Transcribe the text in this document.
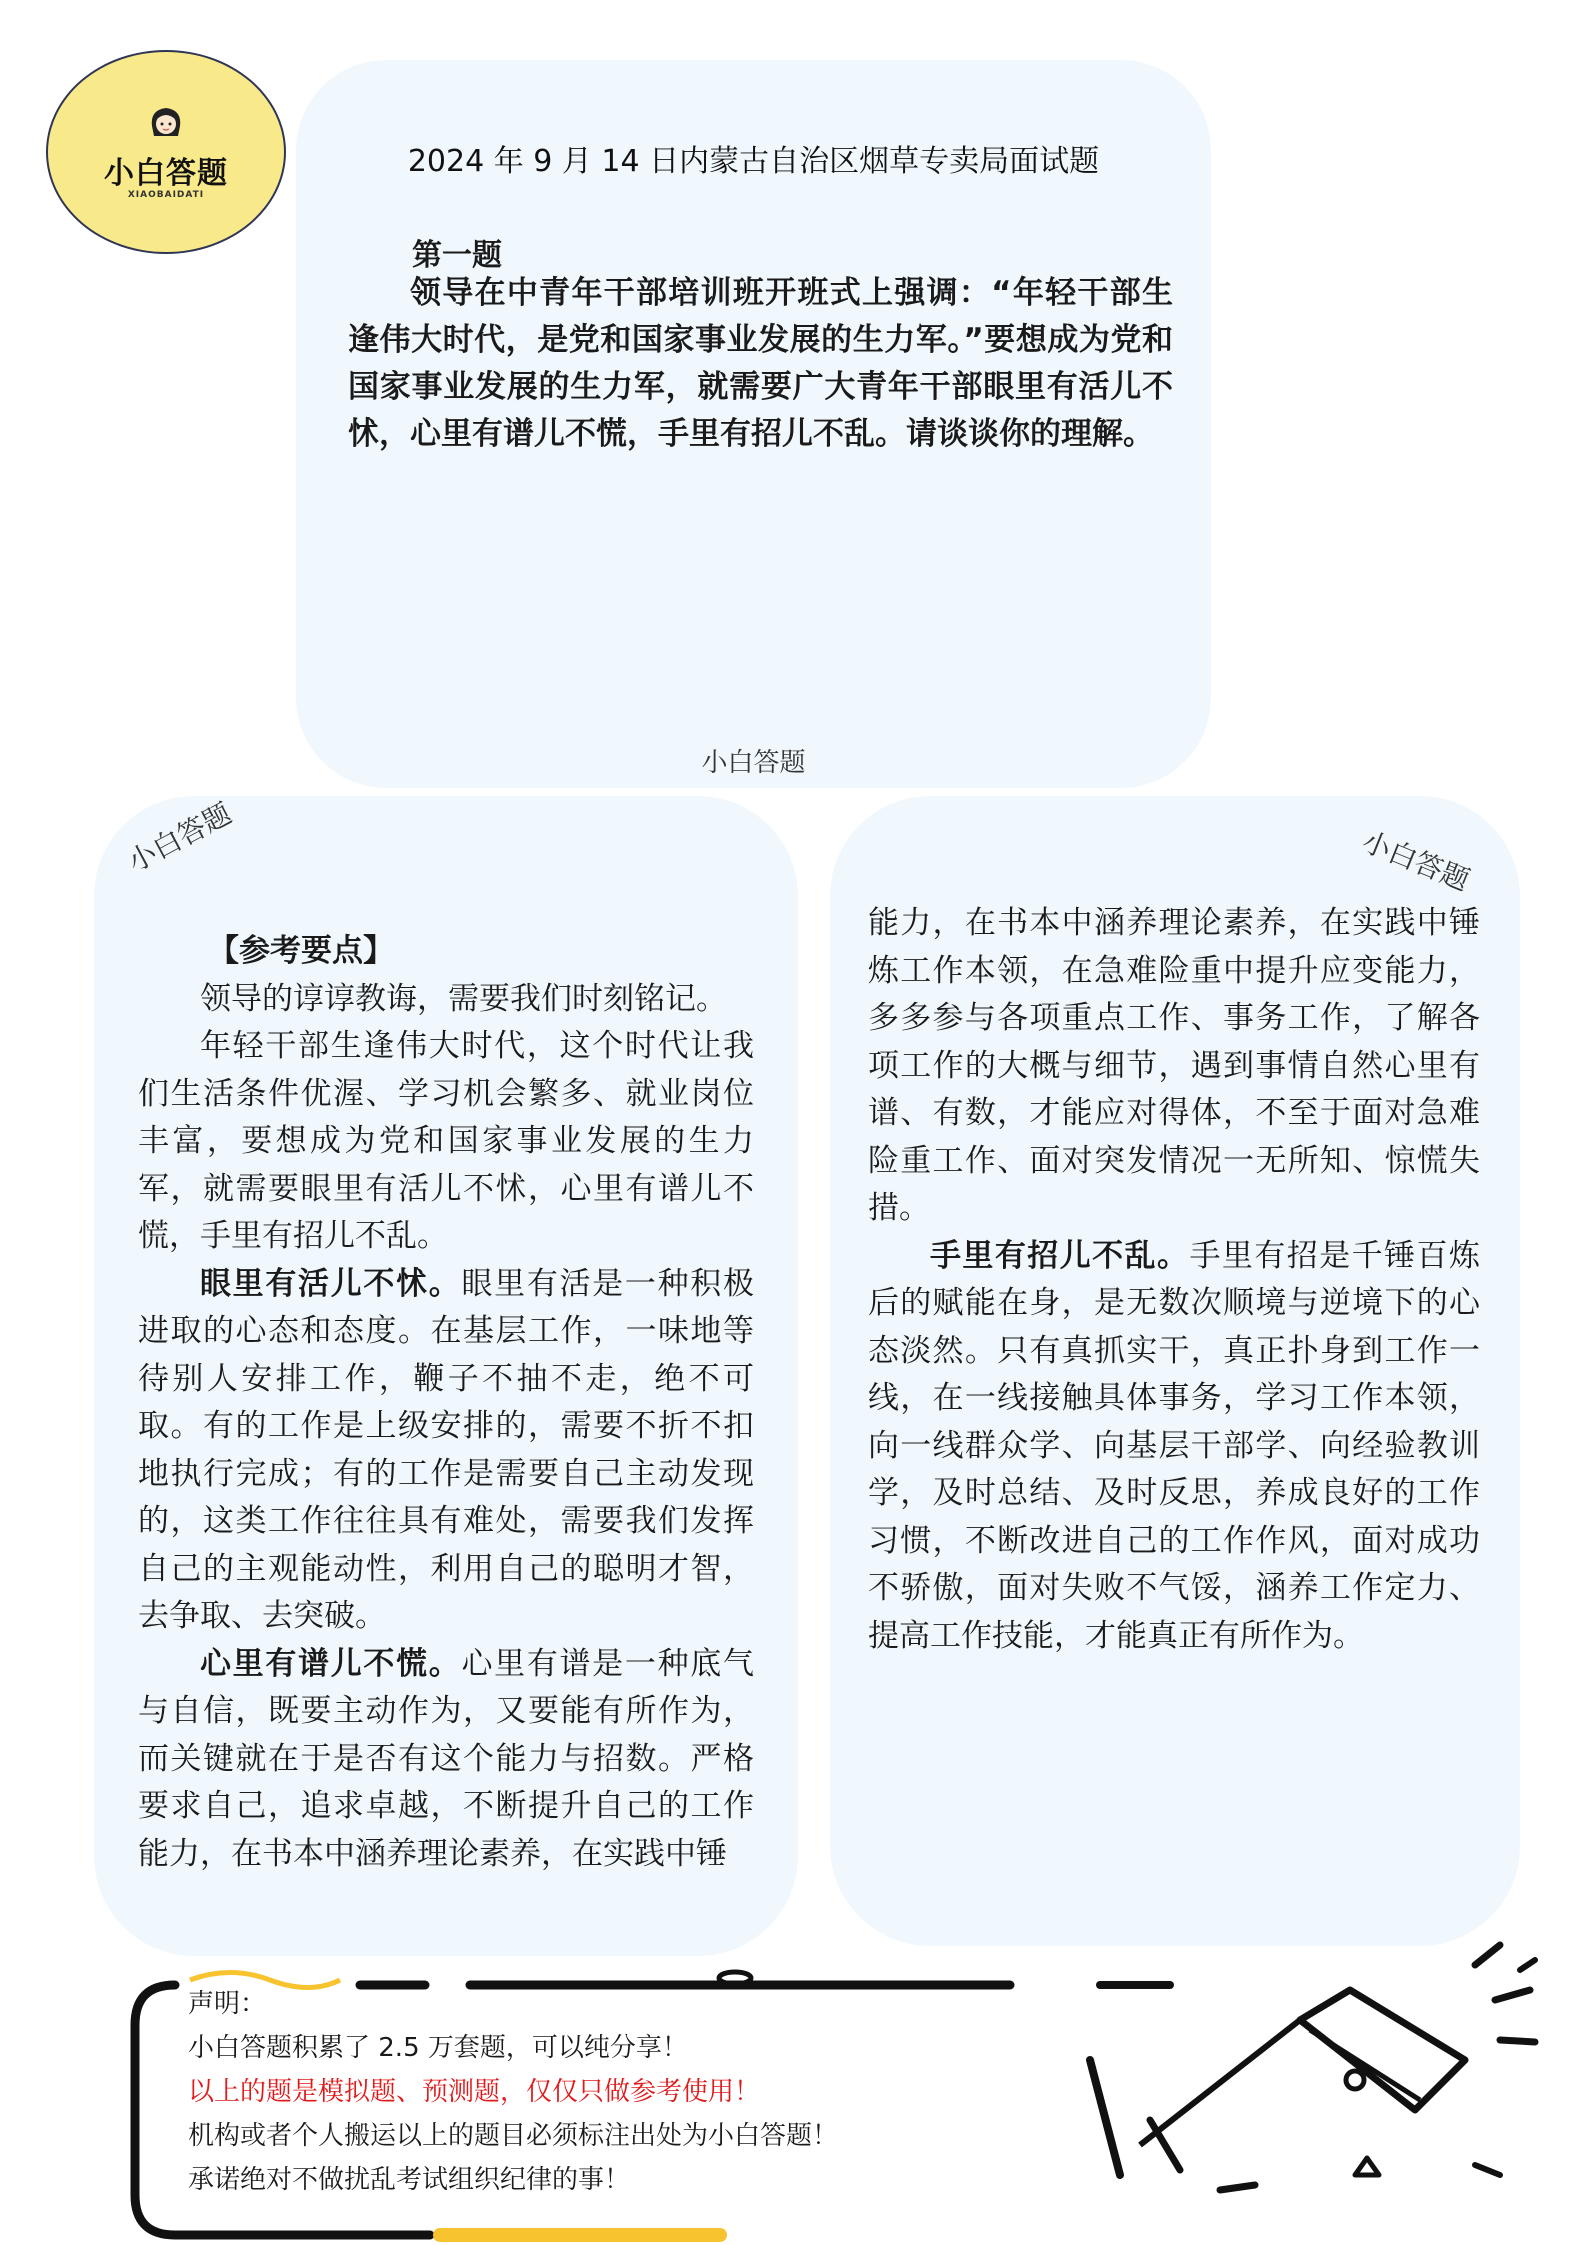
小白答题
XIAOBAIDATI
2024 年 9 月 14 日内蒙古自治区烟草专卖局面试题
第一题
领导在中青年干部培训班开班式上强调：“年轻干部生逢伟大时代，是党和国家事业发展的生力军。”要想成为党和国家事业发展的生力军，就需要广大青年干部眼里有活儿不怵，心里有谱儿不慌，手里有招儿不乱。请谈谈你的理解。
小白答题
小白答题	小白答题

【参考要点】

领导的谆谆教诲，需要我们时刻铭记。

年轻干部生逢伟大时代，这个时代让我们生活条件优渥、学习机会繁多、就业岗位丰富，要想成为党和国家事业发展的生力军，就需要眼里有活儿不怵，心里有谱儿不慌，手里有招儿不乱。

眼里有活儿不怵。眼里有活是一种积极进取的心态和态度。在基层工作，一味地等待别人安排工作，鞭子不抽不走，绝不可取。有的工作是上级安排的，需要不折不扣地执行完成；有的工作是需要自己主动发现的，这类工作往往具有难处，需要我们发挥自己的主观能动性，利用自己的聪明才智，去争取、去突破。

心里有谱儿不慌。心里有谱是一种底气与自信，既要主动作为，又要能有所作为，而关键就在于是否有这个能力与招数。严格要求自己，追求卓越，不断提升自己的工作能力，在书本中涵养理论素养，在实践中锤

能力，在书本中涵养理论素养，在实践中锤炼工作本领，在急难险重中提升应变能力，多多参与各项重点工作、事务工作，了解各项工作的大概与细节，遇到事情自然心里有谱、有数，才能应对得体，不至于面对急难险重工作、面对突发情况一无所知、惊慌失措。

手里有招儿不乱。手里有招是千锤百炼后的赋能在身，是无数次顺境与逆境下的心态淡然。只有真抓实干，真正扑身到工作一线，在一线接触具体事务，学习工作本领，向一线群众学、向基层干部学、向经验教训学，及时总结、及时反思，养成良好的工作习惯，不断改进自己的工作作风，面对成功不骄傲，面对失败不气馁，涵养工作定力、提高工作技能，才能真正有所作为。

声明：
小白答题积累了 2.5 万套题，可以纯分享！
以上的题是模拟题、预测题，仅仅只做参考使用！
机构或者个人搬运以上的题目必须标注出处为小白答题！
承诺绝对不做扰乱考试组织纪律的事！
